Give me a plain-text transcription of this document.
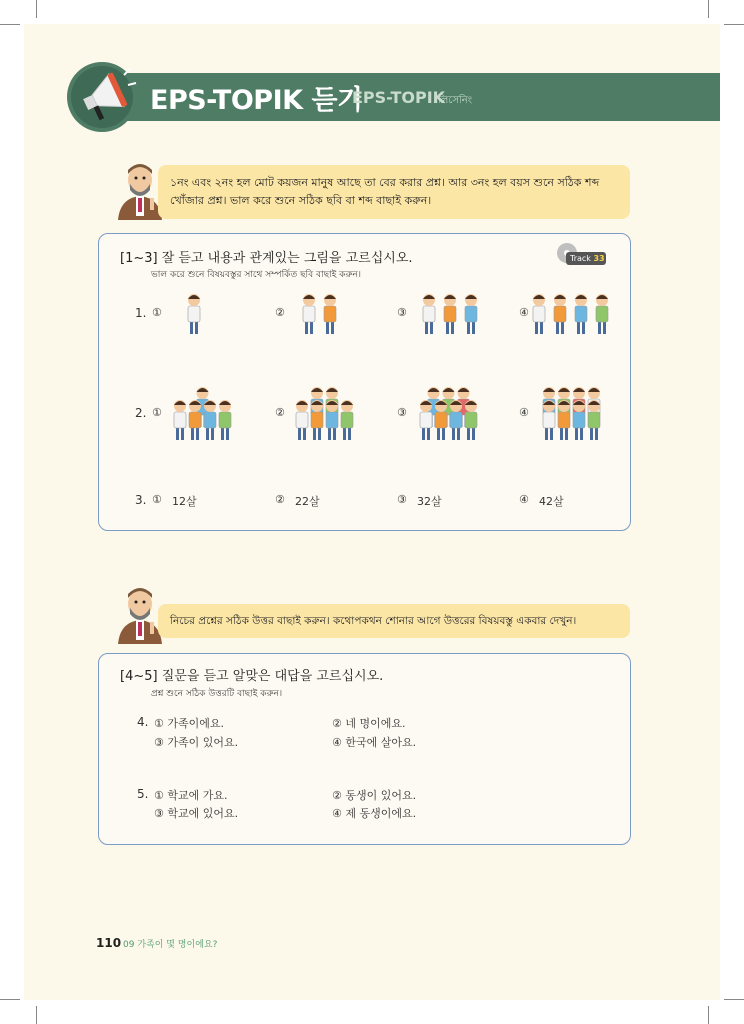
EPS-TOPIK 듣기
EPS-TOPIK
লিসেনিং
১নং এবং ২নং হল মোট কয়জন মানুষ আছে তা বের করার প্রশ্ন। আর ৩নং হল বয়স শুনে সঠিক শব্দ খোঁজার প্রশ্ন। ভাল করে শুনে সঠিক ছবি বা শব্দ বাছাই করুন।
[1~3] 잘 듣고 내용과 관계있는 그림을 고르십시오.
ভাল করে শুনে বিষয়বস্তুর সাথে সম্পর্কিত ছবি বাছাই করুন।
Track 33
1. ①	②	③	④
2. ①	②	③	④
3. ① 12살	② 22살	③ 32살	④ 42살
নিচের প্রশ্নের সঠিক উত্তর বাছাই করুন। কথোপকথন শোনার আগে উত্তরের বিষয়বস্তু একবার দেখুন।
[4~5] 질문을 듣고 알맞은 대답을 고르십시오.
প্রশ্ন শুনে সঠিক উত্তরটি বাছাই করুন।
4. ① 가족이에요.	② 네 명이에요.
③ 가족이 있어요.	④ 한국에 살아요.
5. ① 학교에 가요.	② 동생이 있어요.
③ 학교에 있어요.	④ 제 동생이에요.
110 09 가족이 몇 명이에요?
